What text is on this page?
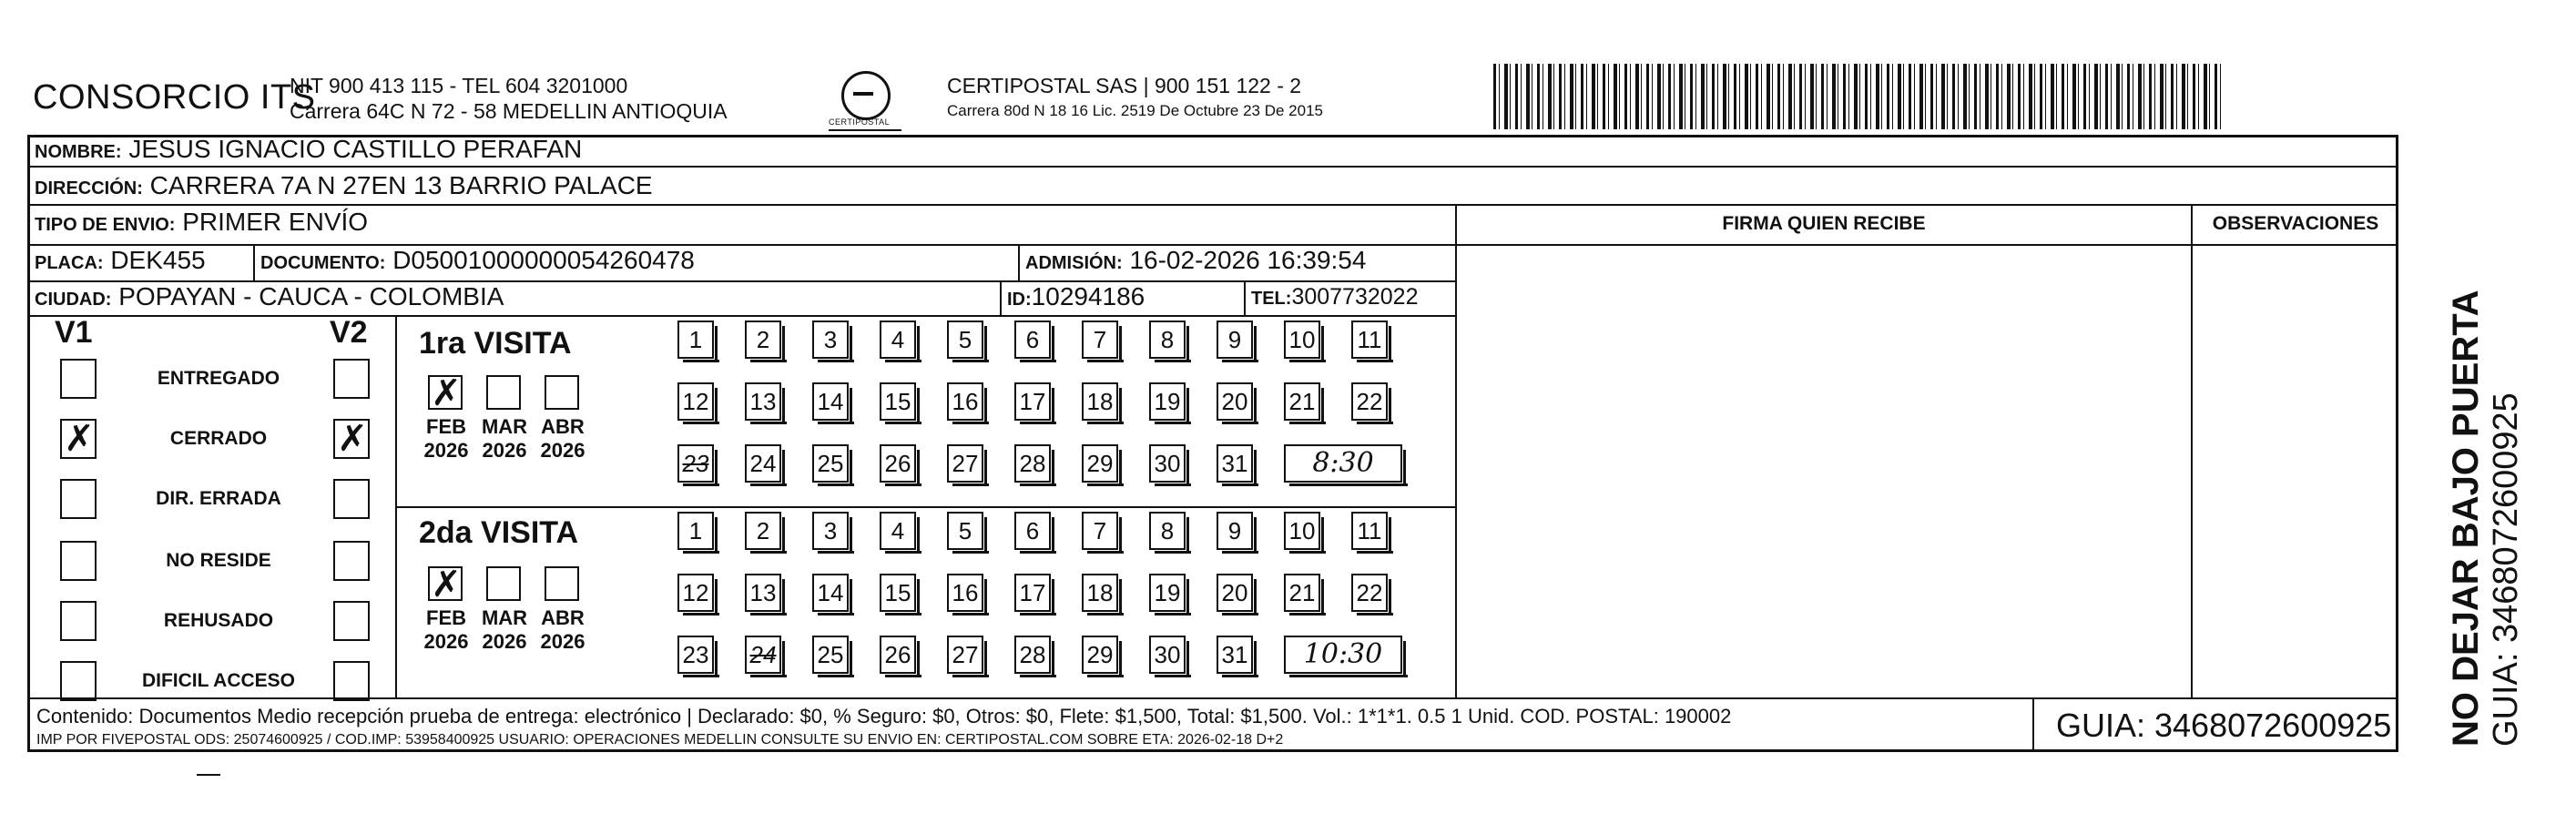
CONSORCIO ITS
NIT 900 413 115 - TEL 604 3201000
Carrera 64C N 72 - 58 MEDELLIN ANTIOQUIA	CERTIPOSTAL
CERTIPOSTAL SAS | 900 151 122 - 2
Carrera 80d N 18 16 Lic. 2519 De Octubre 23 De 2015
NOMBRE: JESUS IGNACIO CASTILLO PERAFAN
DIRECCIÓN: CARRERA 7A N 27EN 13 BARRIO PALACE
TIPO DE ENVIO: PRIMER ENVÍO	FIRMA QUIEN RECIBE	OBSERVACIONES
PLACA: DEK455	DOCUMENTO: D05001000000054260478	ADMISIÓN: 16-02-2026 16:39:54
CIUDAD: POPAYAN - CAUCA - COLOMBIA	ID:10294186	TEL:3007732022
V1	V2
ENTREGADO
✗	CERRADO	✗
DIR. ERRADA
NO RESIDE
REHUSADO
DIFICIL ACCESO
1ra VISITA
2da VISITA
✗
FEB
2026
MAR
2026
ABR
2026
1	2	3	4	5	6	7	8	9	10 11
12 13 14 15 16 17 18 19 20 21 22
23 24 25 26 27 28 29 30 31	8:30
✗
FEB
2026
MAR
2026
ABR
2026
1	2	3	4	5	6	7	8	9	10 11
12 13 14 15 16 17 18 19 20 21 22
23 24 25 26 27 28 29 30 31	10:30
Contenido: Documentos Medio recepción prueba de entrega: electrónico | Declarado: $0, % Seguro: $0, Otros: $0, Flete: $1,500, Total: $1,500. Vol.: 1*1*1. 0.5 1 Unid. COD. POSTAL: 190002
IMP POR FIVEPOSTAL ODS: 25074600925 / COD.IMP: 53958400925 USUARIO: OPERACIONES MEDELLIN CONSULTE SU ENVIO EN: CERTIPOSTAL.COM SOBRE ETA: 2026-02-18 D+2	GUIA: 3468072600925 NO DEJAR BAJO PUERTA GUIA: 3468072600925
